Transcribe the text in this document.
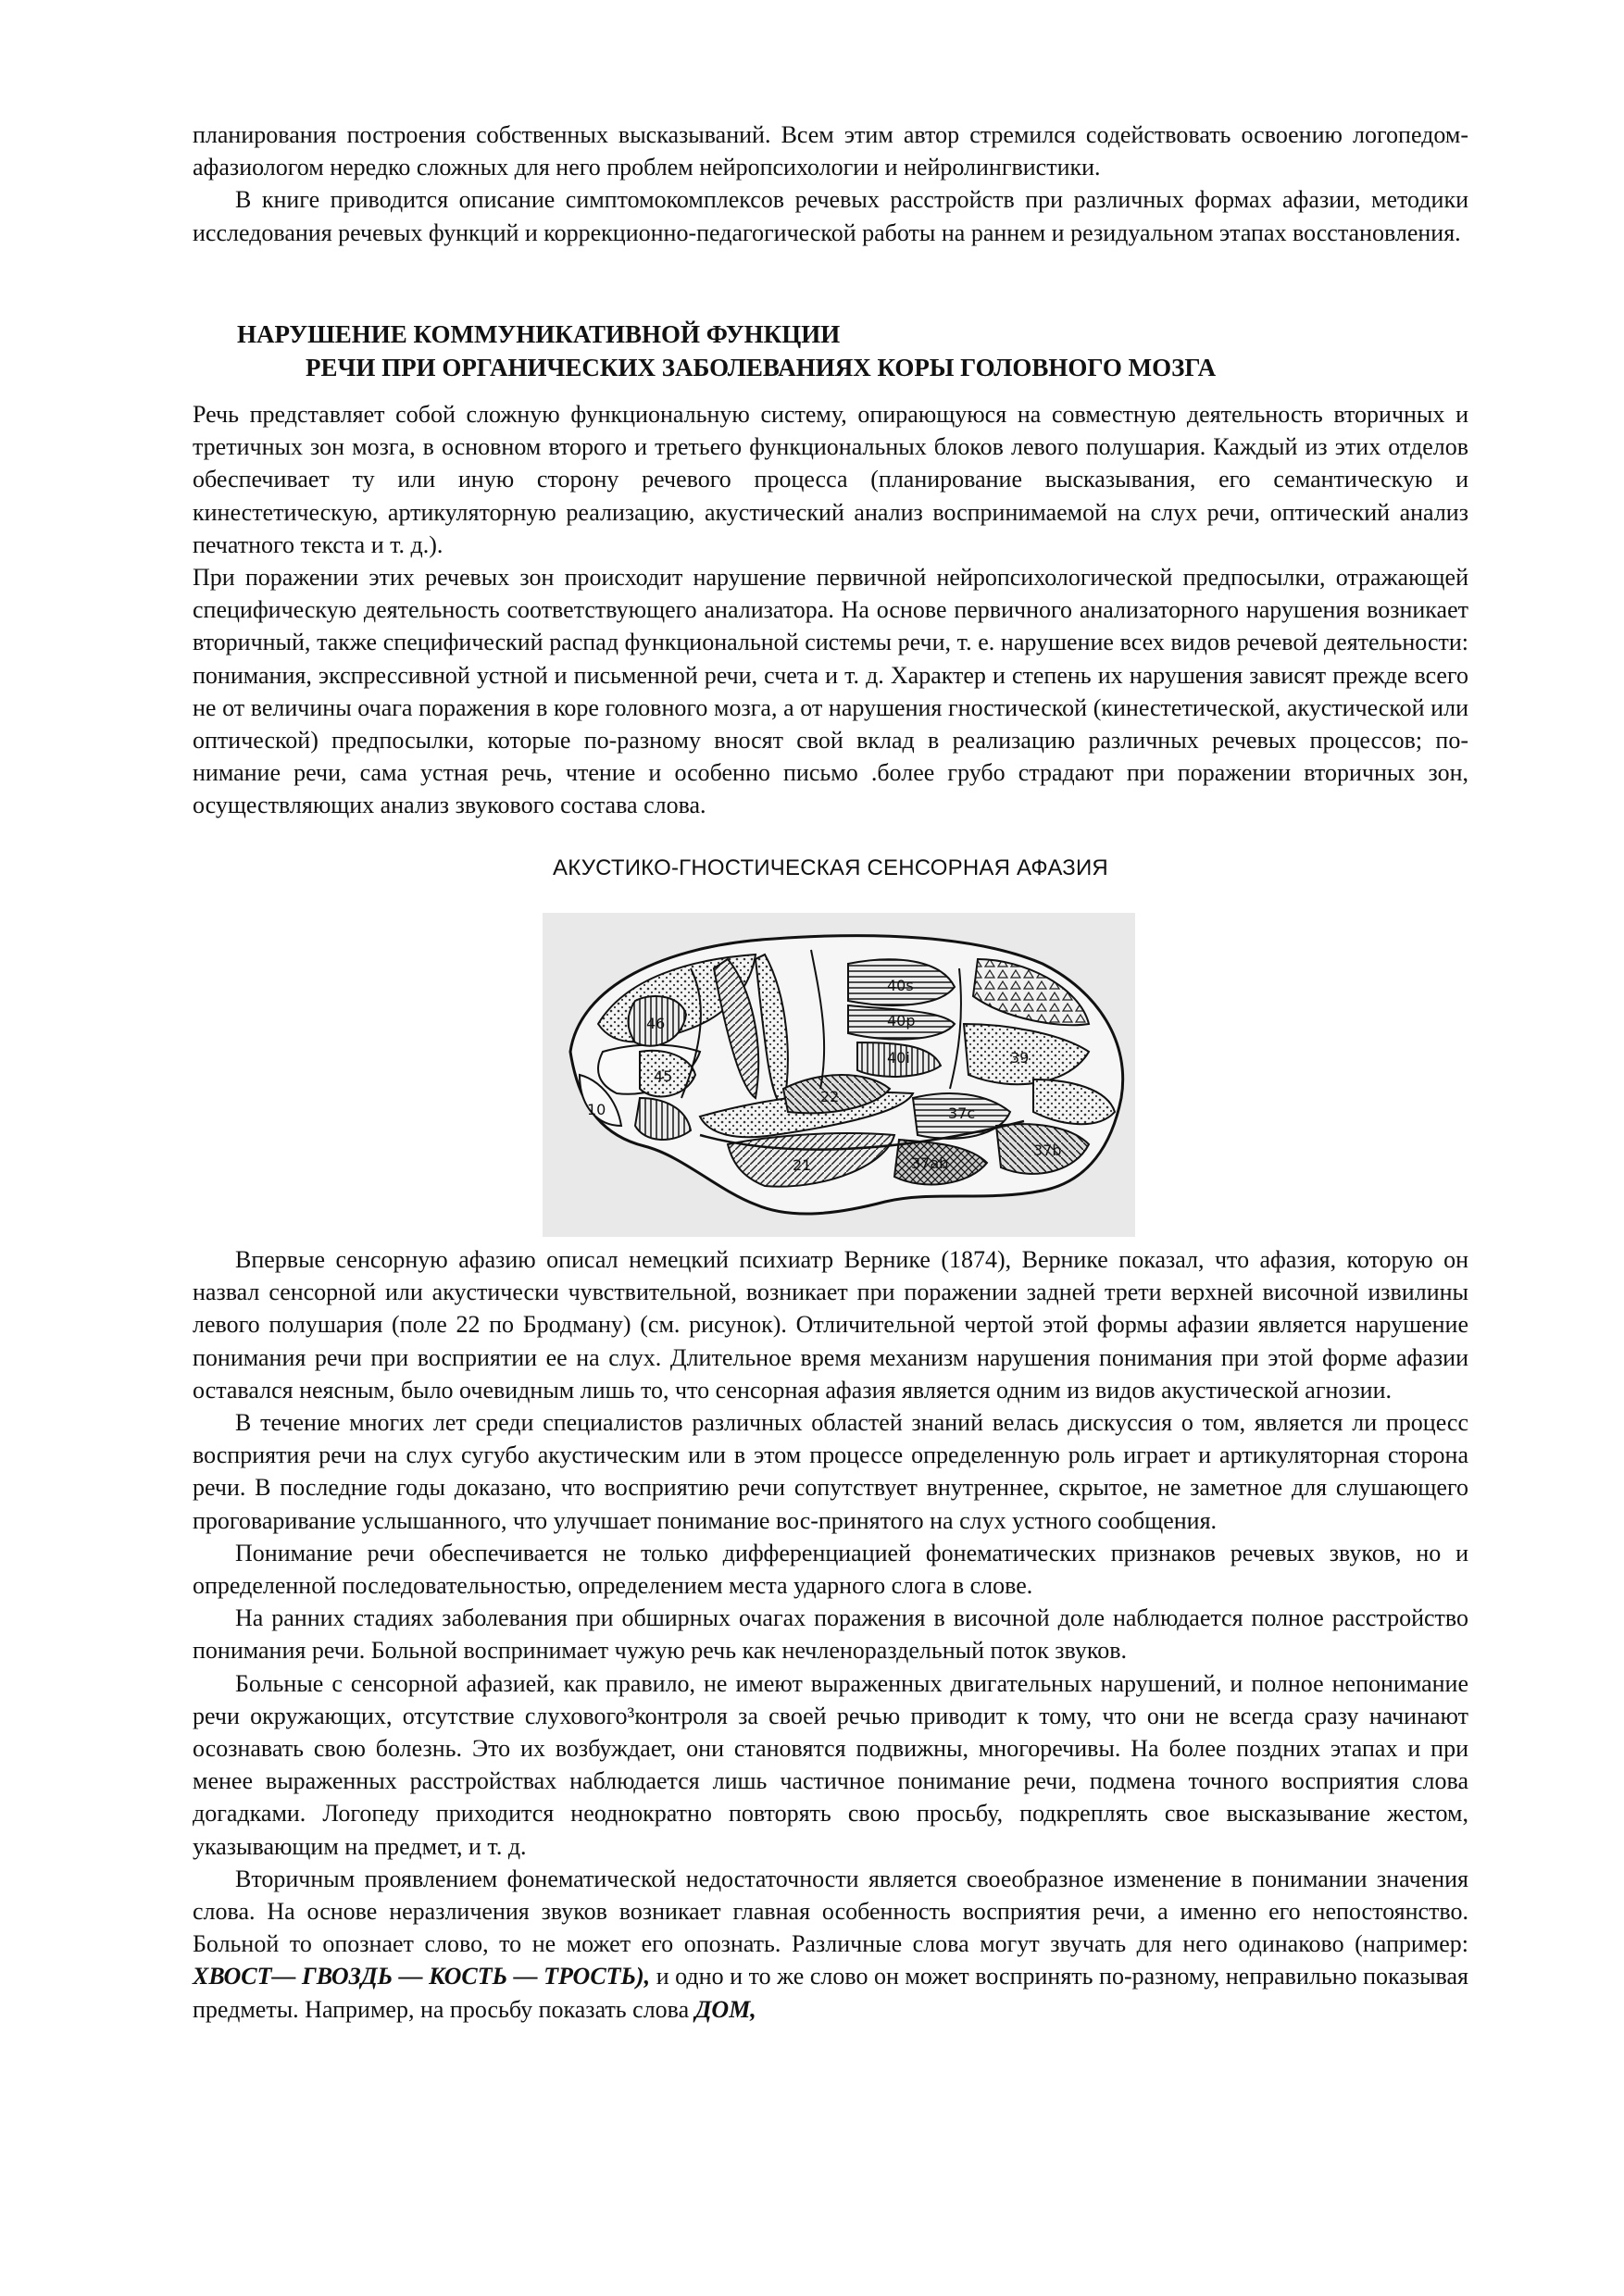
планирования построения собственных высказываний. Всем этим автор стремился содействовать освоению логопедом-афазиологом нередко сложных для него проблем нейропсихологии и нейролингвистики.

В книге приводится описание симптомокомплексов речевых расстройств при различных формах афазии, методики исследования речевых функций и коррекционно-педагогической работы на раннем и резидуальном этапах восстановления.

НАРУШЕНИЕ КОММУНИКАТИВНОЙ ФУНКЦИИ
РЕЧИ ПРИ ОРГАНИЧЕСКИХ ЗАБОЛЕВАНИЯХ КОРЫ ГОЛОВНОГО МОЗГА

Речь представляет собой сложную функциональную систему, опирающуюся на совместную деятельность вторичных и третичных зон мозга, в основном второго и третьего функциональных блоков левого полушария. Каждый из этих отделов обеспечивает ту или иную сторону речевого процесса (планирование высказывания, его семантическую и кинестетическую, артикуляторную реализацию, акустический анализ воспринимаемой на слух речи, оптический анализ печатного текста и т. д.).

При поражении этих речевых зон происходит нарушение первичной нейропсихологической предпосылки, отражающей специфическую деятельность соответствующего анализатора. На основе первичного анализаторного нарушения возникает вторичный, также специфический распад функциональной системы речи, т. е. нарушение всех видов речевой деятельности: понимания, экспрессивной устной и письменной речи, счета и т. д. Характер и степень их нарушения зависят прежде всего не от величины очага поражения в коре головного мозга, а от нарушения гностической (кинестетической, акустической или оптической) предпосылки, которые по-разному вносят свой вклад в реализацию различных речевых процессов; по-нимание речи, сама устная речь, чтение и особенно письмо .более грубо страдают при поражении вторичных зон, осуществляющих анализ звукового состава слова.

АКУСТИКО-ГНОСТИЧЕСКАЯ СЕНСОРНАЯ АФАЗИЯ
46
45
10
40s
40p
40i	39
22
21
37c
37ab
37b

Впервые сенсорную афазию описал немецкий психиатр Вернике (1874), Вернике показал, что афазия, которую он назвал сенсорной или акустически чувствительной, возникает при поражении задней трети верхней височной извилины левого полушария (поле 22 по Бродману) (см. рисунок). Отличительной чертой этой формы афазии является нарушение понимания речи при восприятии ее на слух. Длительное время механизм нарушения понимания при этой форме афазии оставался неясным, было очевидным лишь то, что сенсорная афазия является одним из видов акустической агнозии.

В течение многих лет среди специалистов различных областей знаний велась дискуссия о том, является ли процесс восприятия речи на слух сугубо акустическим или в этом процессе определенную роль играет и артикуляторная сторона речи. В последние годы доказано, что восприятию речи сопутствует внутреннее, скрытое, не заметное для слушающего проговаривание услышанного, что улучшает понимание вос-принятого на слух устного сообщения.

Понимание речи обеспечивается не только дифференциацией фонематических признаков речевых звуков, но и определенной последовательностью, определением места ударного слога в слове.

На ранних стадиях заболевания при обширных очагах поражения в височной доле наблюдается полное расстройство понимания речи. Больной воспринимает чужую речь как нечленораздельный поток звуков.

Больные с сенсорной афазией, как правило, не имеют выраженных двигательных нарушений, и полное непонимание речи окружающих, отсутствие слухового³контроля за своей речью приводит к тому, что они не всегда сразу начинают осознавать свою болезнь. Это их возбуждает, они становятся подвижны, многоречивы. На более поздних этапах и при менее выраженных расстройствах наблюдается лишь частичное понимание речи, подмена точного восприятия слова догадками. Логопеду приходится неоднократно повторять свою просьбу, подкреплять свое высказывание жестом, указывающим на предмет, и т. д.

Вторичным проявлением фонематической недостаточности является своеобразное изменение в понимании значения слова. На основе неразличения звуков возникает главная особенность восприятия речи, а именно его непостоянство. Больной то опознает слово, то не может его опознать. Различные слова могут звучать для него одинаково (например: ХВОСТ— ГВОЗДЬ — КОСТЬ — ТРОСТЬ), и одно и то же слово он может воспринять по-разному, неправильно показывая предметы. Например, на просьбу показать слова ДОМ,
